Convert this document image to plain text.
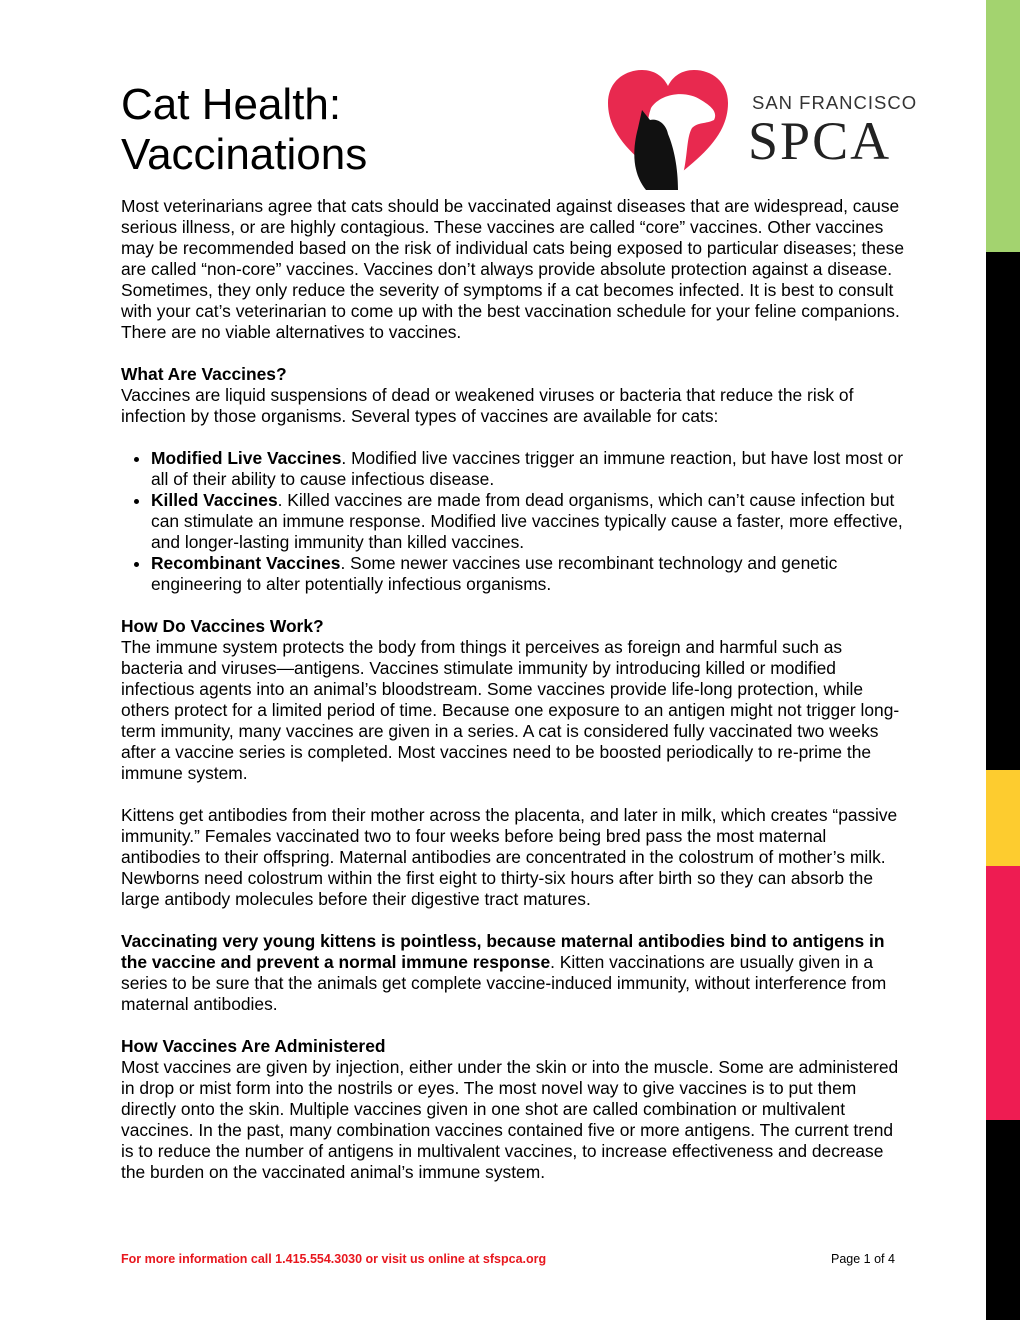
Cat Health:
Vaccinations
SAN FRANCISCO
SPCA

Most veterinarians agree that cats should be vaccinated against diseases that are widespread, cause serious illness, or are highly contagious. These vaccines are called “core” vaccines. Other vaccines may be recommended based on the risk of individual cats being exposed to particular diseases; these are called “non-core” vaccines. Vaccines don’t always provide absolute protection against a disease. Sometimes, they only reduce the severity of symptoms if a cat becomes infected. It is best to consult with your cat’s veterinarian to come up with the best vaccination schedule for your feline companions. There are no viable alternatives to vaccines.

What Are Vaccines?

Vaccines are liquid suspensions of dead or weakened viruses or bacteria that reduce the risk of infection by those organisms. Several types of vaccines are available for cats:

• Modified Live Vaccines. Modified live vaccines trigger an immune reaction, but have lost most or all of their ability to cause infectious disease.
• Killed Vaccines. Killed vaccines are made from dead organisms, which can’t cause infection but can stimulate an immune response. Modified live vaccines typically cause a faster, more effective, and longer-lasting immunity than killed vaccines.
• Recombinant Vaccines. Some newer vaccines use recombinant technology and genetic engineering to alter potentially infectious organisms.
How Do Vaccines Work?

The immune system protects the body from things it perceives as foreign and harmful such as bacteria and viruses—antigens. Vaccines stimulate immunity by introducing killed or modified infectious agents into an animal’s bloodstream. Some vaccines provide life-long protection, while others protect for a limited period of time. Because one exposure to an antigen might not trigger long-term immunity, many vaccines are given in a series. A cat is considered fully vaccinated two weeks after a vaccine series is completed. Most vaccines need to be boosted periodically to re-prime the immune system.

Kittens get antibodies from their mother across the placenta, and later in milk, which creates “passive immunity.” Females vaccinated two to four weeks before being bred pass the most maternal antibodies to their offspring. Maternal antibodies are concentrated in the colostrum of mother’s milk. Newborns need colostrum within the first eight to thirty-six hours after birth so they can absorb the large antibody molecules before their digestive tract matures.

Vaccinating very young kittens is pointless, because maternal antibodies bind to antigens in the vaccine and prevent a normal immune response. Kitten vaccinations are usually given in a series to be sure that the animals get complete vaccine-induced immunity, without interference from maternal antibodies.

How Vaccines Are Administered

Most vaccines are given by injection, either under the skin or into the muscle. Some are administered in drop or mist form into the nostrils or eyes. The most novel way to give vaccines is to put them directly onto the skin. Multiple vaccines given in one shot are called combination or multivalent vaccines. In the past, many combination vaccines contained five or more antigens. The current trend is to reduce the number of antigens in multivalent vaccines, to increase effectiveness and decrease the burden on the vaccinated animal’s immune system.

For more information call 1.415.554.3030 or visit us online at sfspca.org	Page 1 of 4
